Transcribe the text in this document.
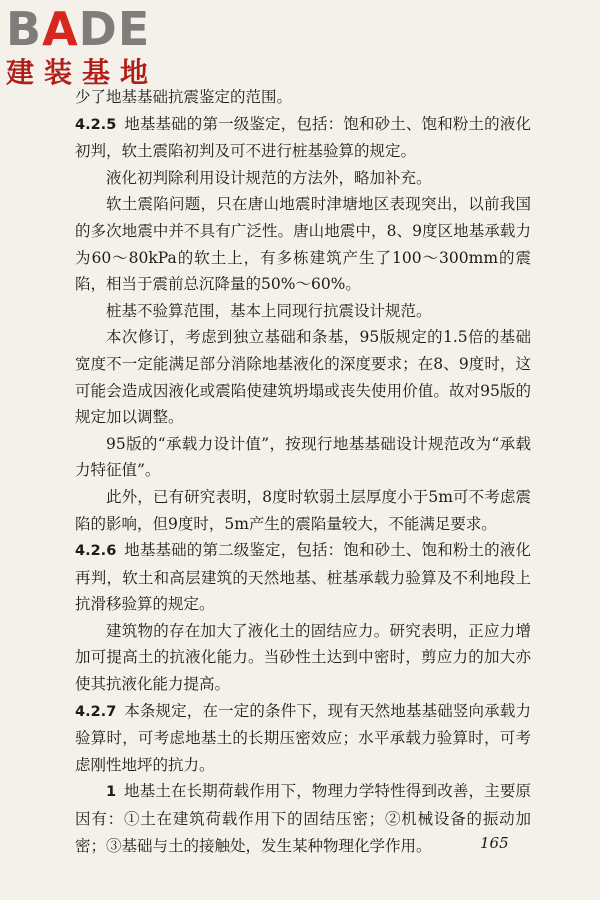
BADE
建装基地

少了地基基础抗震鉴定的范围。

4.2.5  地基基础的第一级鉴定，包括：饱和砂土、饱和粉土的液化初判，软土震陷初判及可不进行桩基验算的规定。

液化初判除利用设计规范的方法外，略加补充。

软土震陷问题，只在唐山地震时津塘地区表现突出，以前我国的多次地震中并不具有广泛性。唐山地震中，8、9度区地基承载力为60～80kPa的软土上，有多栋建筑产生了100～300mm的震陷，相当于震前总沉降量的50%～60%。

桩基不验算范围，基本上同现行抗震设计规范。

本次修订，考虑到独立基础和条基，95版规定的1.5倍的基础宽度不一定能满足部分消除地基液化的深度要求；在8、9度时，这可能会造成因液化或震陷使建筑坍塌或丧失使用价值。故对95版的规定加以调整。

95版的“承载力设计值”，按现行地基基础设计规范改为“承载力特征值”。

此外，已有研究表明，8度时软弱土层厚度小于5m可不考虑震陷的影响，但9度时，5m产生的震陷量较大，不能满足要求。

4.2.6  地基基础的第二级鉴定，包括：饱和砂土、饱和粉土的液化再判，软土和高层建筑的天然地基、桩基承载力验算及不利地段上抗滑移验算的规定。

建筑物的存在加大了液化土的固结应力。研究表明，正应力增加可提高土的抗液化能力。当砂性土达到中密时，剪应力的加大亦使其抗液化能力提高。

4.2.7  本条规定，在一定的条件下，现有天然地基基础竖向承载力验算时，可考虑地基土的长期压密效应；水平承载力验算时，可考虑刚性地坪的抗力。

1  地基土在长期荷载作用下，物理力学特性得到改善，主要原因有：①土在建筑荷载作用下的固结压密；②机械设备的振动加密；③基础与土的接触处，发生某种物理化学作用。	165
